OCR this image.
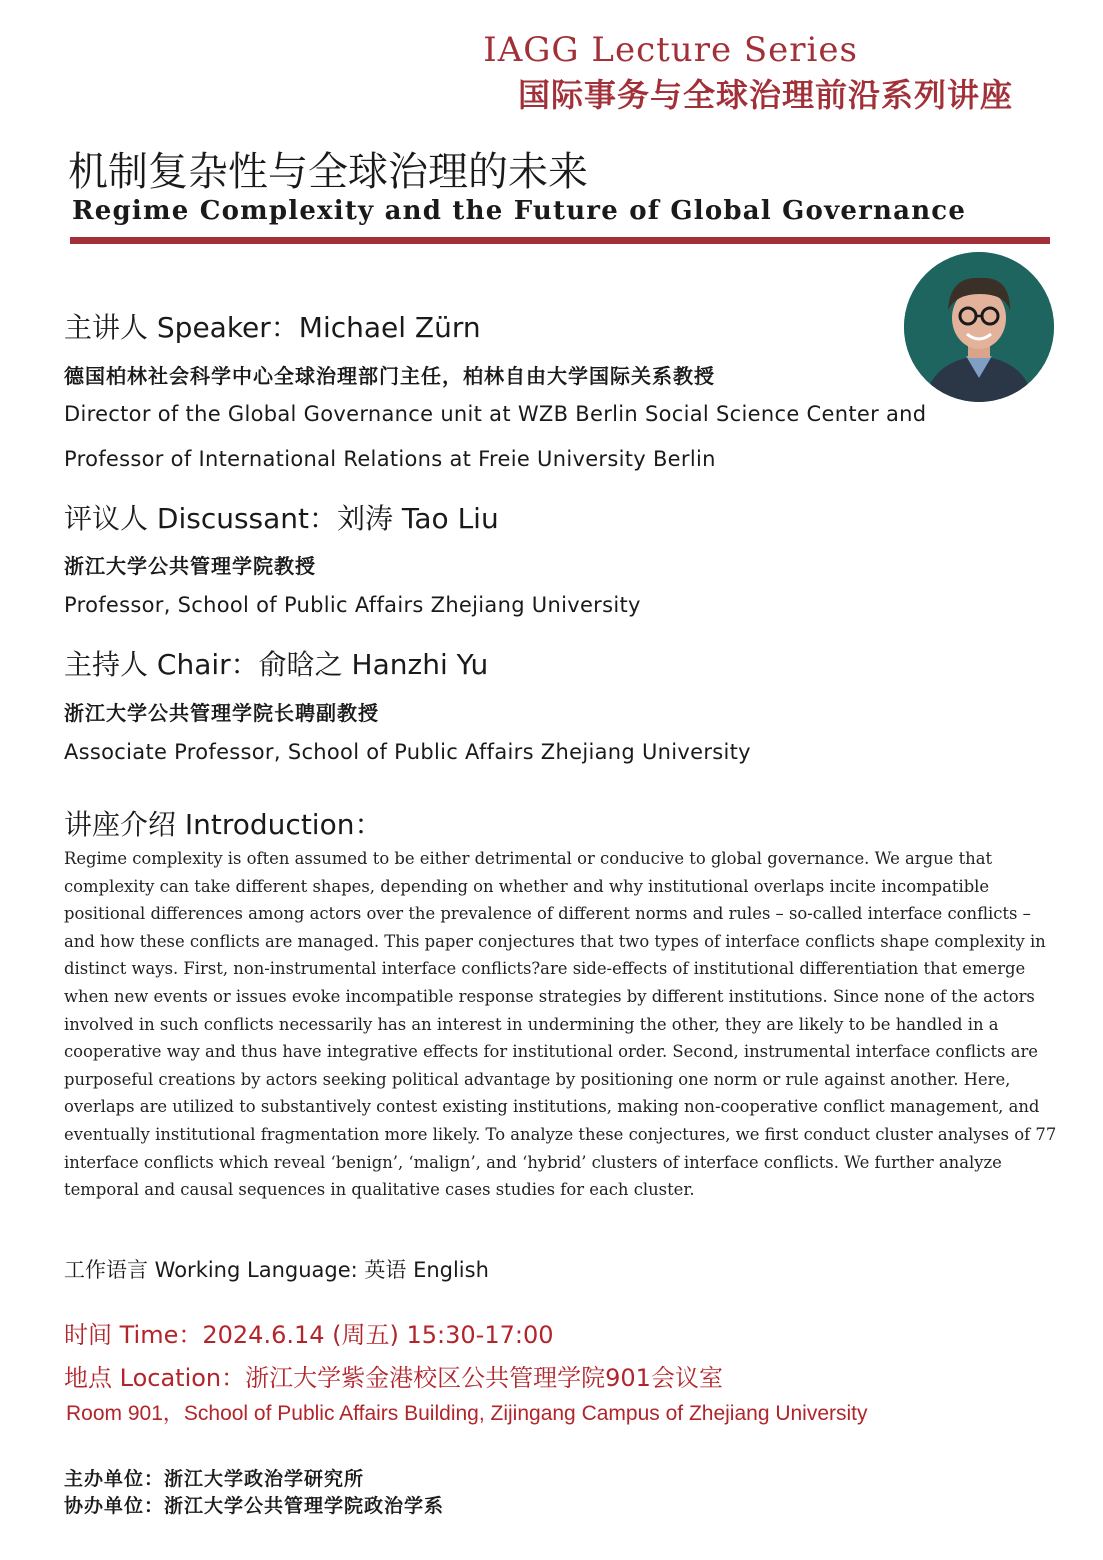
IAGG Lecture Series
国际事务与全球治理前沿系列讲座
机制复杂性与全球治理的未来
Regime Complexity and the Future of Global Governance
主讲人 Speaker：Michael Zürn
德国柏林社会科学中心全球治理部门主任，柏林自由大学国际关系教授
Director of the Global Governance unit at WZB Berlin Social Science Center and
Professor of International Relations at Freie University Berlin
评议人 Discussant：刘涛 Tao Liu
浙江大学公共管理学院教授
Professor, School of Public Affairs Zhejiang University
主持人 Chair：俞晗之 Hanzhi Yu
浙江大学公共管理学院长聘副教授
Associate Professor, School of Public Affairs Zhejiang University
讲座介绍 Introduction：
Regime complexity is often assumed to be either detrimental or conducive to global governance. We argue that complexity can take different shapes, depending on whether and why institutional overlaps incite incompatible positional differences among actors over the prevalence of different norms and rules – so-called interface conflicts – and how these conflicts are managed. This paper conjectures that two types of interface conflicts shape complexity in distinct ways. First, non-instrumental interface conflicts?are side-effects of institutional differentiation that emerge when new events or issues evoke incompatible response strategies by different institutions. Since none of the actors involved in such conflicts necessarily has an interest in undermining the other, they are likely to be handled in a cooperative way and thus have integrative effects for institutional order. Second, instrumental interface conflicts are purposeful creations by actors seeking political advantage by positioning one norm or rule against another. Here, overlaps are utilized to substantively contest existing institutions, making non-cooperative conflict management, and eventually institutional fragmentation more likely. To analyze these conjectures, we first conduct cluster analyses of 77 interface conflicts which reveal ‘benign’, ‘malign’, and ‘hybrid’ clusters of interface conflicts. We further analyze temporal and causal sequences in qualitative cases studies for each cluster.
工作语言 Working Language: 英语 English
时间 Time：2024.6.14 (周五) 15:30-17:00
地点 Location：浙江大学紫金港校区公共管理学院901会议室
Room 901，School of Public Affairs Building, Zijingang Campus of Zhejiang University
主办单位：浙江大学政治学研究所
协办单位：浙江大学公共管理学院政治学系
